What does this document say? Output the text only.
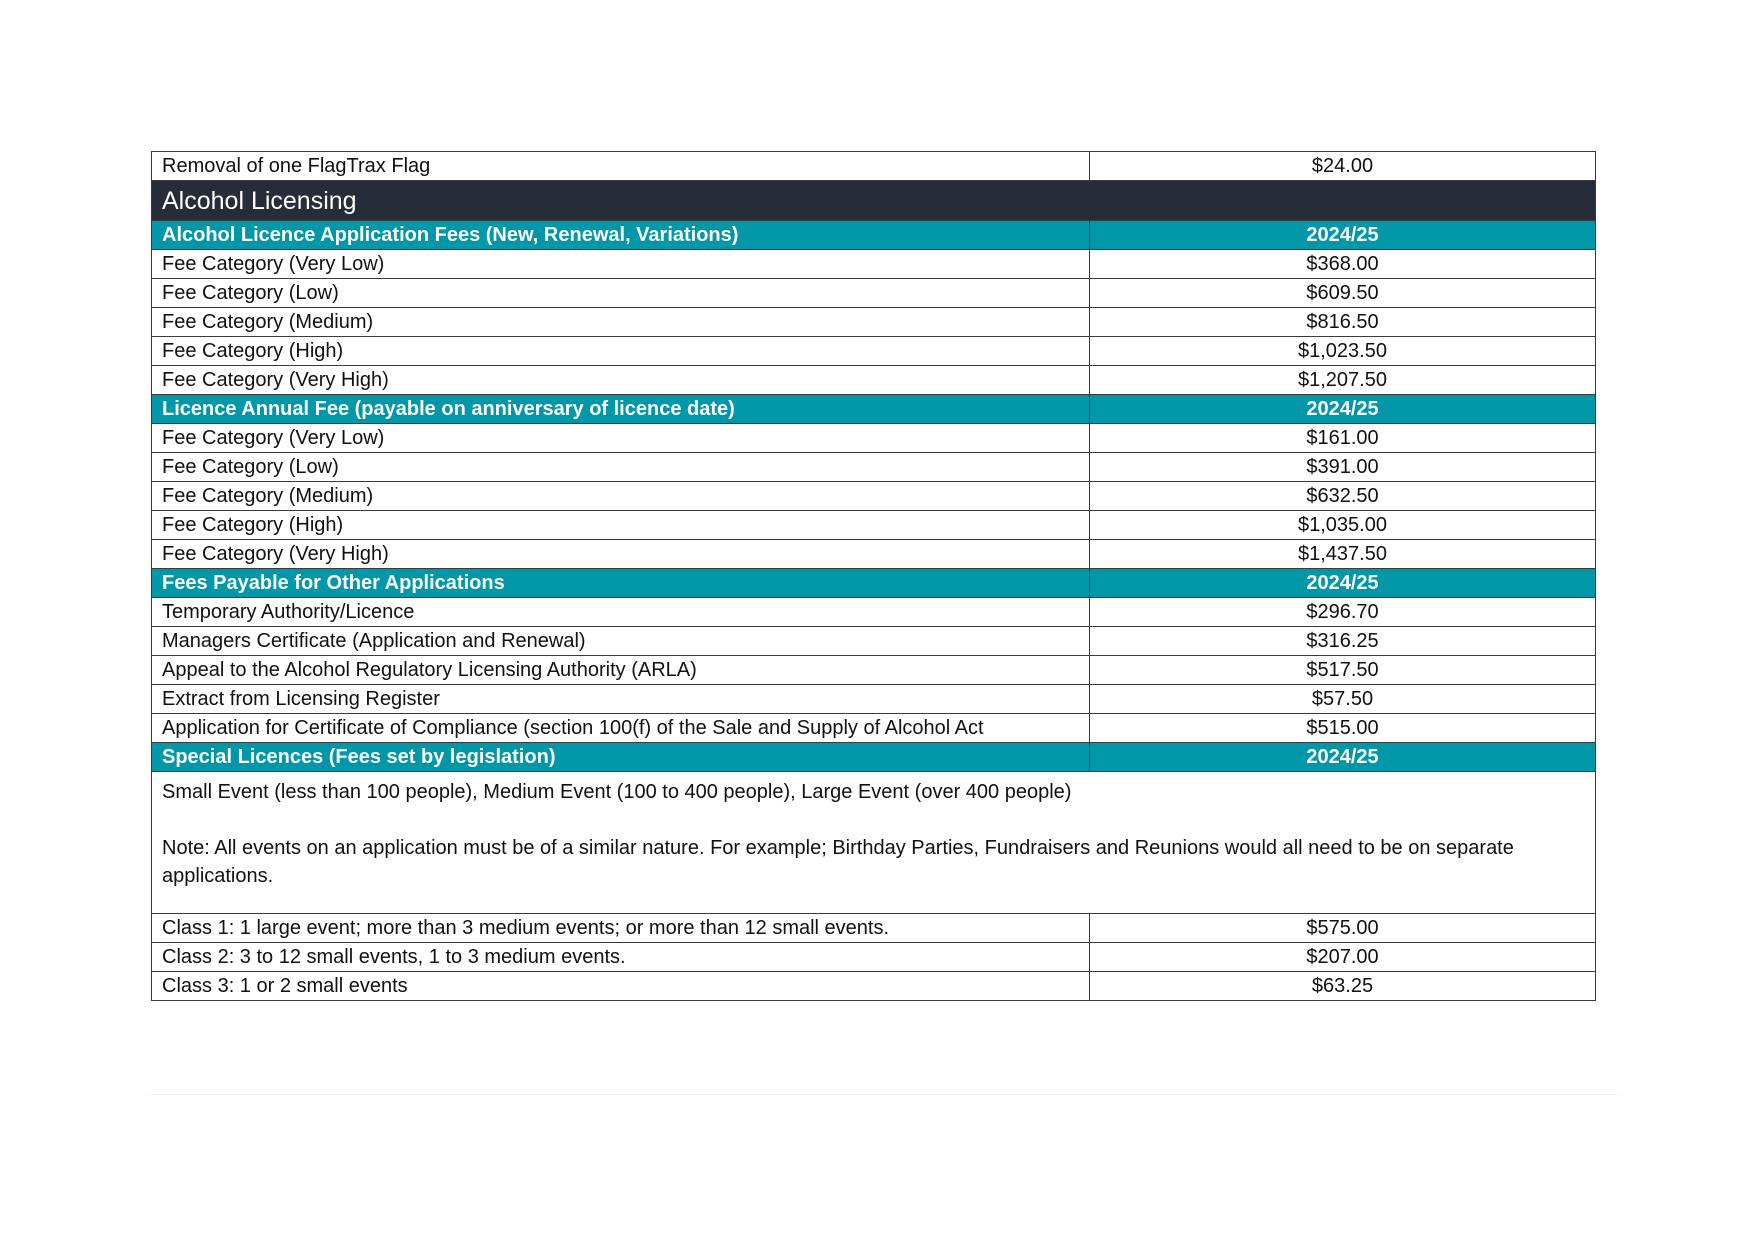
Removal of one FlagTrax Flag	$24.00
Alcohol Licensing	
Alcohol Licence Application Fees (New, Renewal, Variations)	2024/25
Fee Category (Very Low)	$368.00
Fee Category (Low)	$609.50
Fee Category (Medium)	$816.50
Fee Category (High)	$1,023.50
Fee Category (Very High)	$1,207.50
Licence Annual Fee (payable on anniversary of licence date)	2024/25
Fee Category (Very Low)	$161.00
Fee Category (Low)	$391.00
Fee Category (Medium)	$632.50
Fee Category (High)	$1,035.00
Fee Category (Very High)	$1,437.50
Fees Payable for Other Applications	2024/25
Temporary Authority/Licence	$296.70
Managers Certificate (Application and Renewal)	$316.25
Appeal to the Alcohol Regulatory Licensing Authority (ARLA)	$517.50
Extract from Licensing Register	$57.50
Application for Certificate of Compliance (section 100(f) of the Sale and Supply of Alcohol Act	$515.00
Special Licences (Fees set by legislation)	2024/25

Small Event (less than 100 people), Medium Event (100 to 400 people), Large Event (over 400 people)
Note: All events on an application must be of a similar nature. For example; Birthday Parties, Fundraisers and Reunions would all need to be on separate applications.	

Class 1: 1 large event; more than 3 medium events; or more than 12 small events.	$575.00
Class 2: 3 to 12 small events, 1 to 3 medium events.	$207.00
Class 3: 1 or 2 small events	$63.25
